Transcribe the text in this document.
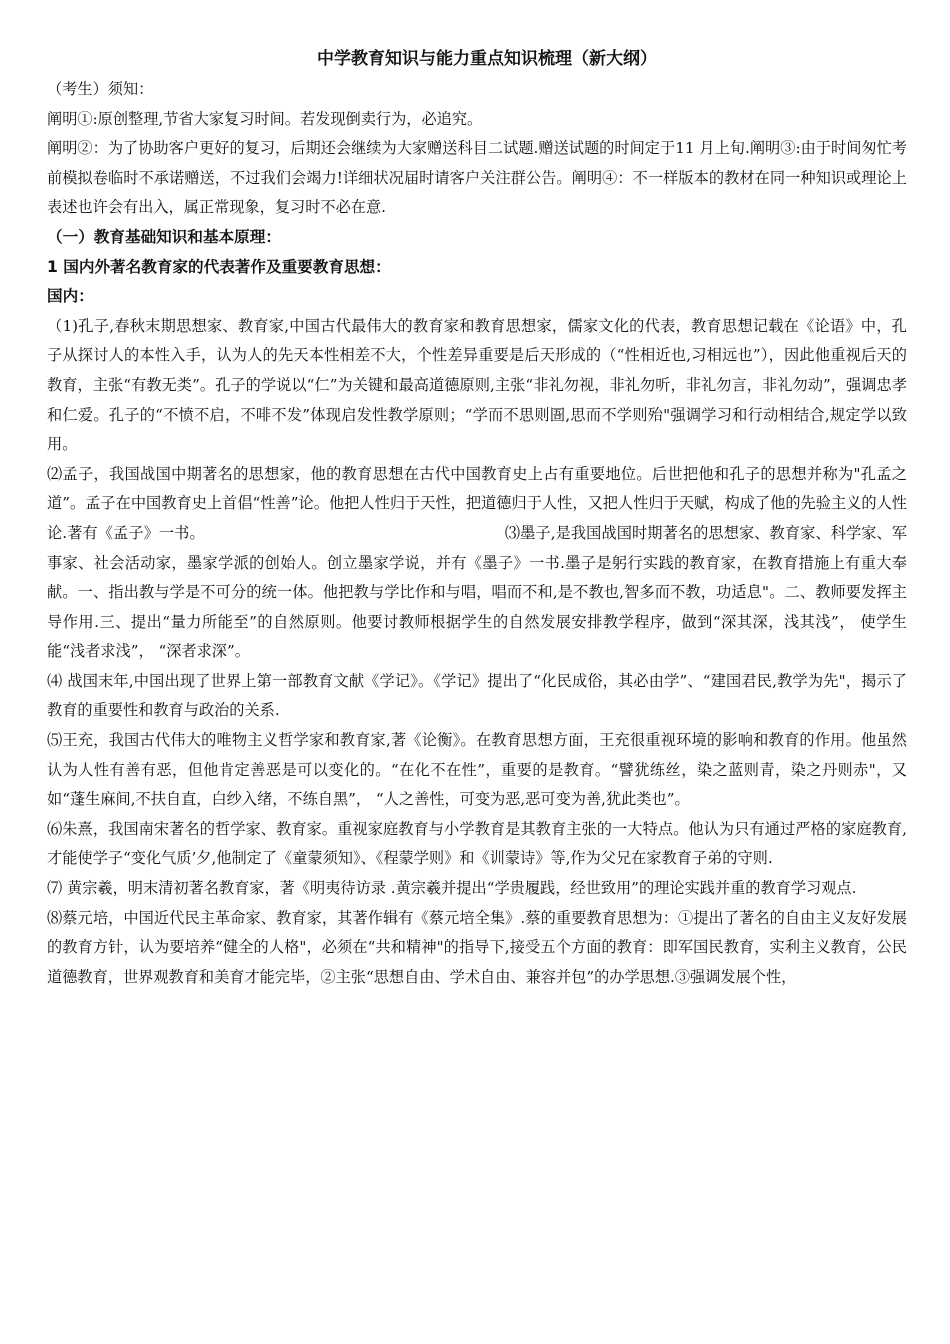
中学教育知识与能力重点知识梳理（新大纲）

（考生）须知：

阐明①:原创整理,节省大家复习时间。若发现倒卖行为，必追究。

阐明②：为了协助客户更好的复习，后期还会继续为大家赠送科目二试题.赠送试题的时间定于11 月上旬.阐明③:由于时间匆忙考前模拟卷临时不承诺赠送，不过我们会竭力!详细状况届时请客户关注群公告。阐明④：不一样版本的教材在同一种知识或理论上表述也许会有出入，属正常现象，复习时不必在意.

（一）教育基础知识和基本原理：

1 国内外著名教育家的代表著作及重要教育思想：

国内：

（1)孔子,春秋末期思想家、教育家,中国古代最伟大的教育家和教育思想家，儒家文化的代表，教育思想记载在《论语》中，孔子从探讨人的本性入手，认为人的先天本性相差不大，个性差异重要是后天形成的（“性相近也,习相远也”），因此他重视后天的教育，主张“有教无类”。孔子的学说以“仁”为关键和最高道德原则,主张“非礼勿视，非礼勿听，非礼勿言，非礼勿动”，强调忠孝和仁爱。孔子的“不愤不启，不啡不发”体现启发性教学原则；“学而不思则圄,思而不学则殆"强调学习和行动相结合,规定学以致用。

⑵孟子，我国战国中期著名的思想家，他的教育思想在古代中国教育史上占有重要地位。后世把他和孔子的思想并称为"孔孟之道”。孟子在中国教育史上首倡“性善”论。他把人性归于天性，把道德归于人性，又把人性归于天赋，构成了他的先验主义的人性论.著有《孟子》一书。	⑶墨子,是我国战国时期著名的思想家、教育家、科学家、军事家、社会活动家，墨家学派的创始人。创立墨家学说，并有《墨子》一书.墨子是躬行实践的教育家，在教育措施上有重大奉献。一、指出教与学是不可分的统一体。他把教与学比作和与唱，唱而不和,是不教也,智多而不教，功适息"。二、教师要发挥主导作用.三、提出“量力所能至”的自然原则。他要讨教师根据学生的自然发展安排教学程序，做到“深其深，浅其浅”， 使学生能“浅者求浅”， “深者求深”。

⑷ 战国末年,中国出现了世界上第一部教育文献《学记》。《学记》提出了“化民成俗，其必由学”、“建国君民,教学为先"，揭示了教育的重要性和教育与政治的关系.

⑸王充，我国古代伟大的唯物主义哲学家和教育家,著《论衡》。在教育思想方面，王充很重视环境的影响和教育的作用。他虽然认为人性有善有恶，但他肯定善恶是可以变化的。“在化不在性”，重要的是教育。“譬犹练丝，染之蓝则青，染之丹则赤"，又如“蓬生麻间,不扶自直，白纱入绪，不练自黑”， “人之善性，可变为恶,恶可变为善,犹此类也”。

⑹朱熹，我国南宋著名的哲学家、教育家。重视家庭教育与小学教育是其教育主张的一大特点。他认为只有通过严格的家庭教育,才能使学子“变化气质’夕,他制定了《童蒙须知》、《程蒙学则》和《训蒙诗》等,作为父兄在家教育子弟的守则.

⑺ 黄宗羲，明末清初著名教育家，著《明夷待访录 .黄宗羲并提出“学贵履践，经世致用”的理论实践并重的教育学习观点.

⑻蔡元培，中国近代民主革命家、教育家，其著作辑有《蔡元培全集》.蔡的重要教育思想为：①提出了著名的自由主义友好发展的教育方针，认为要培养“健全的人格"，必须在“共和精神"的指导下,接受五个方面的教育：即军国民教育，实利主义教育，公民道德教育，世界观教育和美育才能完毕，②主张“思想自由、学术自由、兼容并包”的办学思想.③强调发展个性，
